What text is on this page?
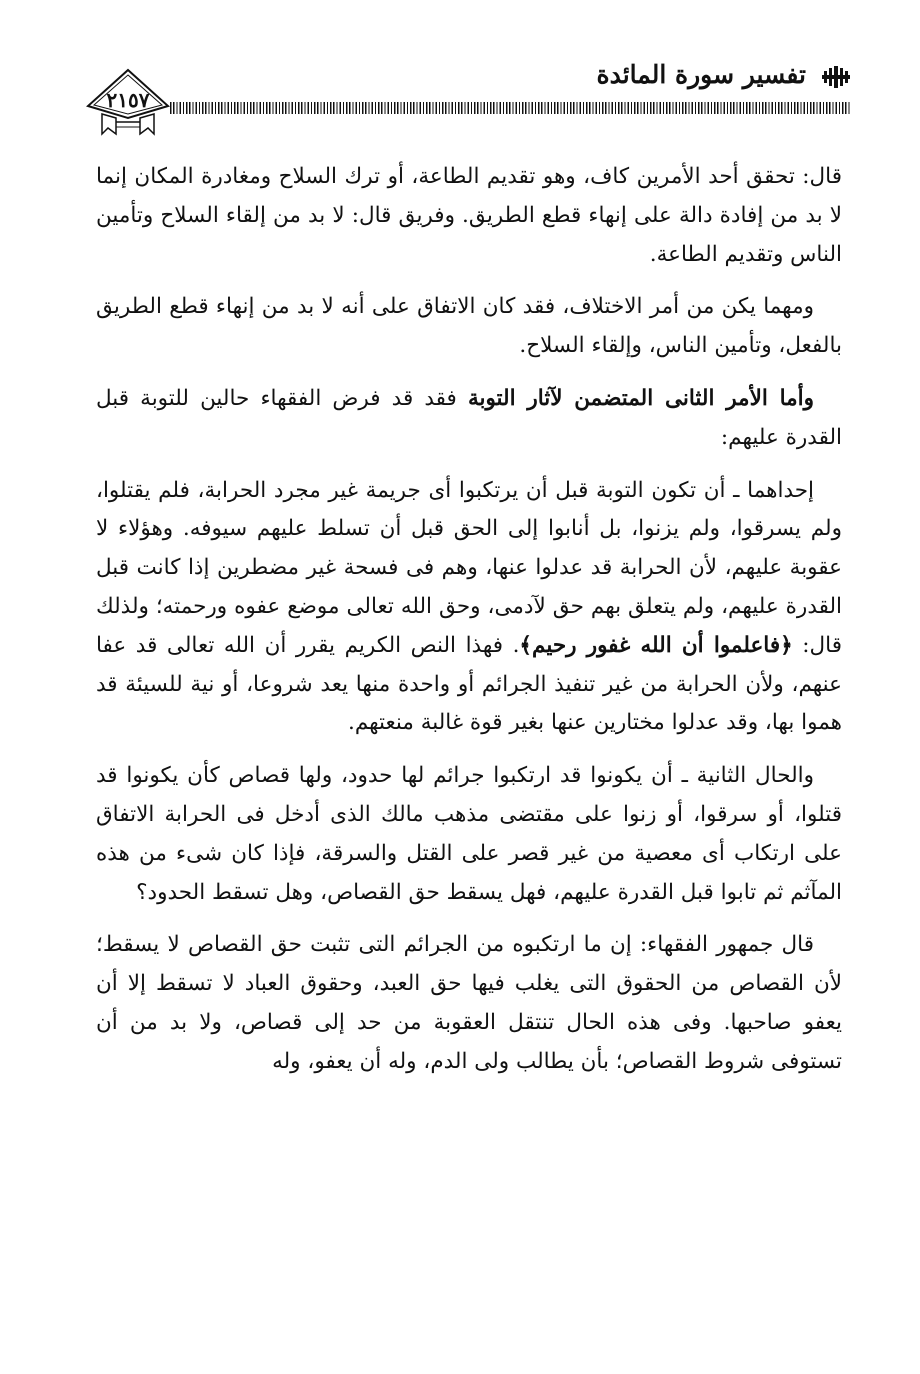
تفسير سورة المائدة
٢١٥٧

قال: تحقق أحد الأمرين كاف، وهو تقديم الطاعة، أو ترك السلاح ومغادرة المكان إنما لا بد من إفادة دالة على إنهاء قطع الطريق. وفريق قال: لا بد من إلقاء السلاح وتأمين الناس وتقديم الطاعة.

ومهما يكن من أمر الاختلاف، فقد كان الاتفاق على أنه لا بد من إنهاء قطع الطريق بالفعل، وتأمين الناس، وإلقاء السلاح.

وأما الأمر الثانى المتضمن لآثار التوبة فقد قد فرض الفقهاء حالين للتوبة قبل القدرة عليهم:

إحداهما ـ أن تكون التوبة قبل أن يرتكبوا أى جريمة غير مجرد الحرابة، فلم يقتلوا، ولم يسرقوا، ولم يزنوا، بل أنابوا إلى الحق قبل أن تسلط عليهم سيوفه. وهؤلاء لا عقوبة عليهم، لأن الحرابة قد عدلوا عنها، وهم فى فسحة غير مضطرين إذا كانت قبل القدرة عليهم، ولم يتعلق بهم حق لآدمى، وحق الله تعالى موضع عفوه ورحمته؛ ولذلك قال: ﴿فاعلموا أن الله غفور رحيم﴾. فهذا النص الكريم يقرر أن الله تعالى قد عفا عنهم، ولأن الحرابة من غير تنفيذ الجرائم أو واحدة منها يعد شروعا، أو نية للسيئة قد هموا بها، وقد عدلوا مختارين عنها بغير قوة غالبة منعتهم.

والحال الثانية ـ أن يكونوا قد ارتكبوا جرائم لها حدود، ولها قصاص كأن يكونوا قد قتلوا، أو سرقوا، أو زنوا على مقتضى مذهب مالك الذى أدخل فى الحرابة الاتفاق على ارتكاب أى معصية من غير قصر على القتل والسرقة، فإذا كان شىء من هذه المآثم ثم تابوا قبل القدرة عليهم، فهل يسقط حق القصاص، وهل تسقط الحدود؟

قال جمهور الفقهاء: إن ما ارتكبوه من الجرائم التى تثبت حق القصاص لا يسقط؛ لأن القصاص من الحقوق التى يغلب فيها حق العبد، وحقوق العباد لا تسقط إلا أن يعفو صاحبها. وفى هذه الحال تنتقل العقوبة من حد إلى قصاص، ولا بد من أن تستوفى شروط القصاص؛ بأن يطالب ولى الدم، وله أن يعفو، وله
